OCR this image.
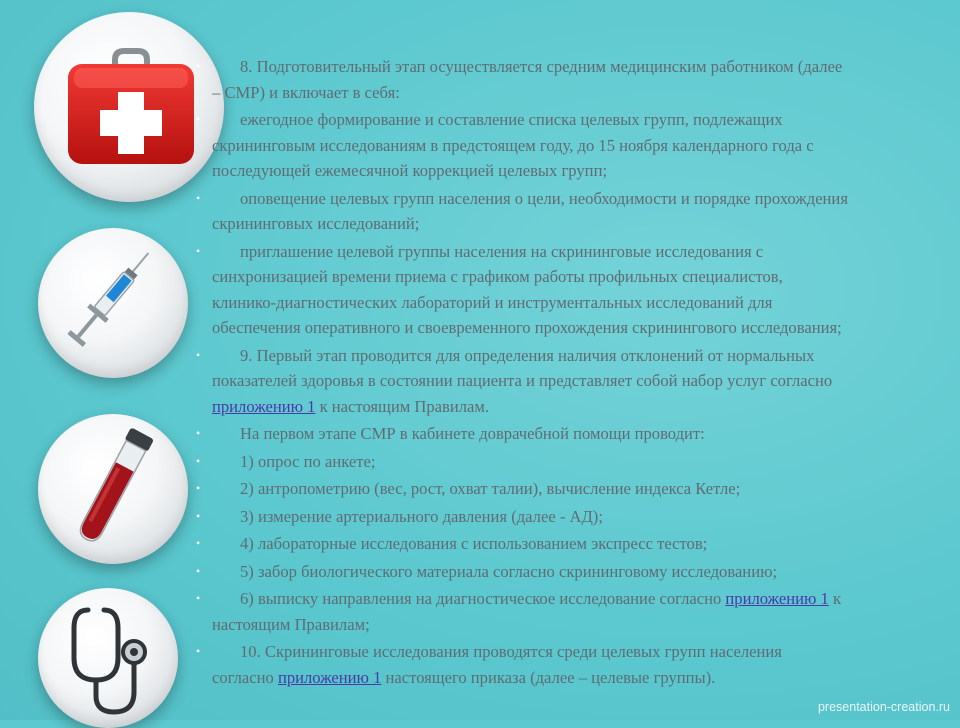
•	8. Подготовительный этап осуществляется средним медицинским работником (далее
– СМР) и включает в себя:
•	ежегодное формирование и составление списка целевых групп, подлежащих
скрининговым исследованиям в предстоящем году, до 15 ноября календарного года с
последующей ежемесячной коррекцией целевых групп;
•	оповещение целевых групп населения о цели, необходимости и порядке прохождения
скрининговых исследований;
•	приглашение целевой группы населения на скрининговые исследования с
синхронизацией времени приема с графиком работы профильных специалистов,
клинико-диагностических лабораторий и инструментальных исследований для
обеспечения оперативного и своевременного прохождения скринингового исследования;
•	9. Первый этап проводится для определения наличия отклонений от нормальных
показателей здоровья в состоянии пациента и представляет собой набор услуг согласно
приложению 1 к настоящим Правилам.
•	На первом этапе СМР в кабинете доврачебной помощи проводит:
•	1) опрос по анкете;
•	2) антропометрию (вес, рост, охват талии), вычисление индекса Кетле;
•	3) измерение артериального давления (далее - АД);
•	4) лабораторные исследования с использованием экспресс тестов;
•	5) забор биологического материала согласно скрининговому исследованию;
•	6) выписку направления на диагностическое исследование согласно приложению 1 к
настоящим Правилам;
•	10. Скрининговые исследования проводятся среди целевых групп населения
согласно приложению 1 настоящего приказа (далее – целевые группы).
presentation-creation.ru
